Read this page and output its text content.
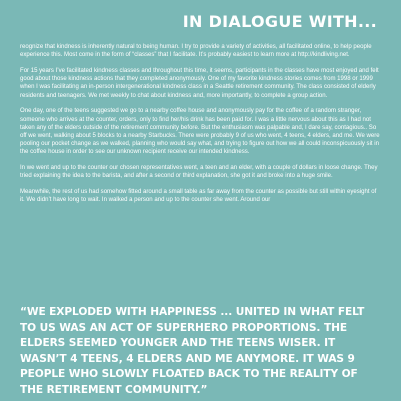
IN DIALOGUE WITH...

reognize that kindness is inherently natural to being human. I try to provide a variety of activities, all facilitated online, to help people experience this. Most come in the form of “classes” that I facilitate. It’s probably easiest to learn more at http://kindliving.net.

For 15 years I’ve facilitated kindness classes and throughout this time, it seems, participants in the classes have most enjoyed and felt good about those kindness actions that they completed anonymously. One of my favorite kindness stories comes from 1998 or 1999 when I was facilitating an in-person intergenerational kindness class in a Seattle retirement community. The class consisted of elderly residents and teenagers. We met weekly to chat about kindness and, more importantly, to complete a group action.

One day, one of the teens suggested we go to a nearby coffee house and anonymously pay for the coffee of a random stranger, someone who arrives at the counter, orders, only to find her/his drink has been paid for. I was a little nervous about this as I had not taken any of the elders outside of the retirement community before. But the enthusiasm was palpable and, I dare say, contagious.. So off we went, walking about 5 blocks to a nearby Starbucks. There were probably 9 of us who went, 4 teens, 4 elders, and me. We were pooling our pocket change as we walked, planning who would say what, and trying to figure out how we all could inconspicuously sit in the coffee house in order to see our unknown recipient receive our intended kindness.

In we went and up to the counter our chosen representatives went, a teen and an elder, with a couple of dollars in loose change. They tried explaining the idea to the barista, and after a second or third explanation, she got it and broke into a huge smile.

Meanwhile, the rest of us had somehow fitted around a small table as far away from the counter as possible but still within eyesight of it. We didn’t have long to wait. In walked a person and up to the counter she went. Around our

“WE EXPLODED WITH HAPPINESS ... UNITED IN WHAT FELT TO US WAS AN ACT OF SUPERHERO PROPORTIONS. THE ELDERS SEEMED YOUNGER AND THE TEENS WISER. IT WASN’T 4 TEENS, 4 ELDERS AND ME ANYMORE. IT WAS 9 PEOPLE WHO SLOWLY FLOATED BACK TO THE REALITY OF THE RETIREMENT COMMUNITY.”
